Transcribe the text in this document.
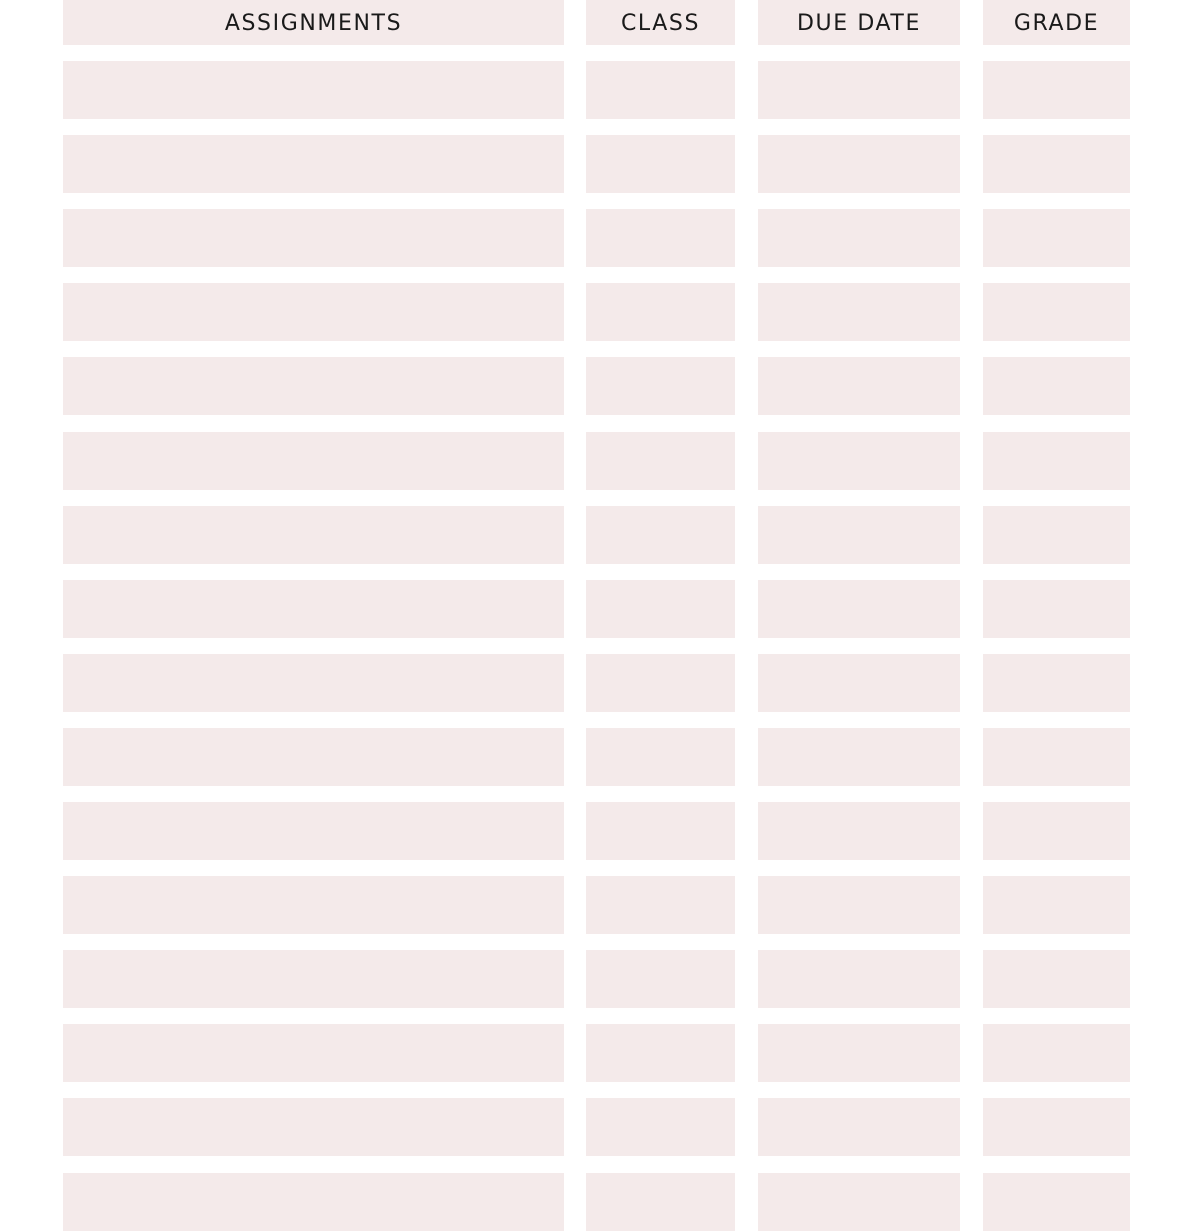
ASSIGNMENTS	CLASS	DUE DATE	GRADE
